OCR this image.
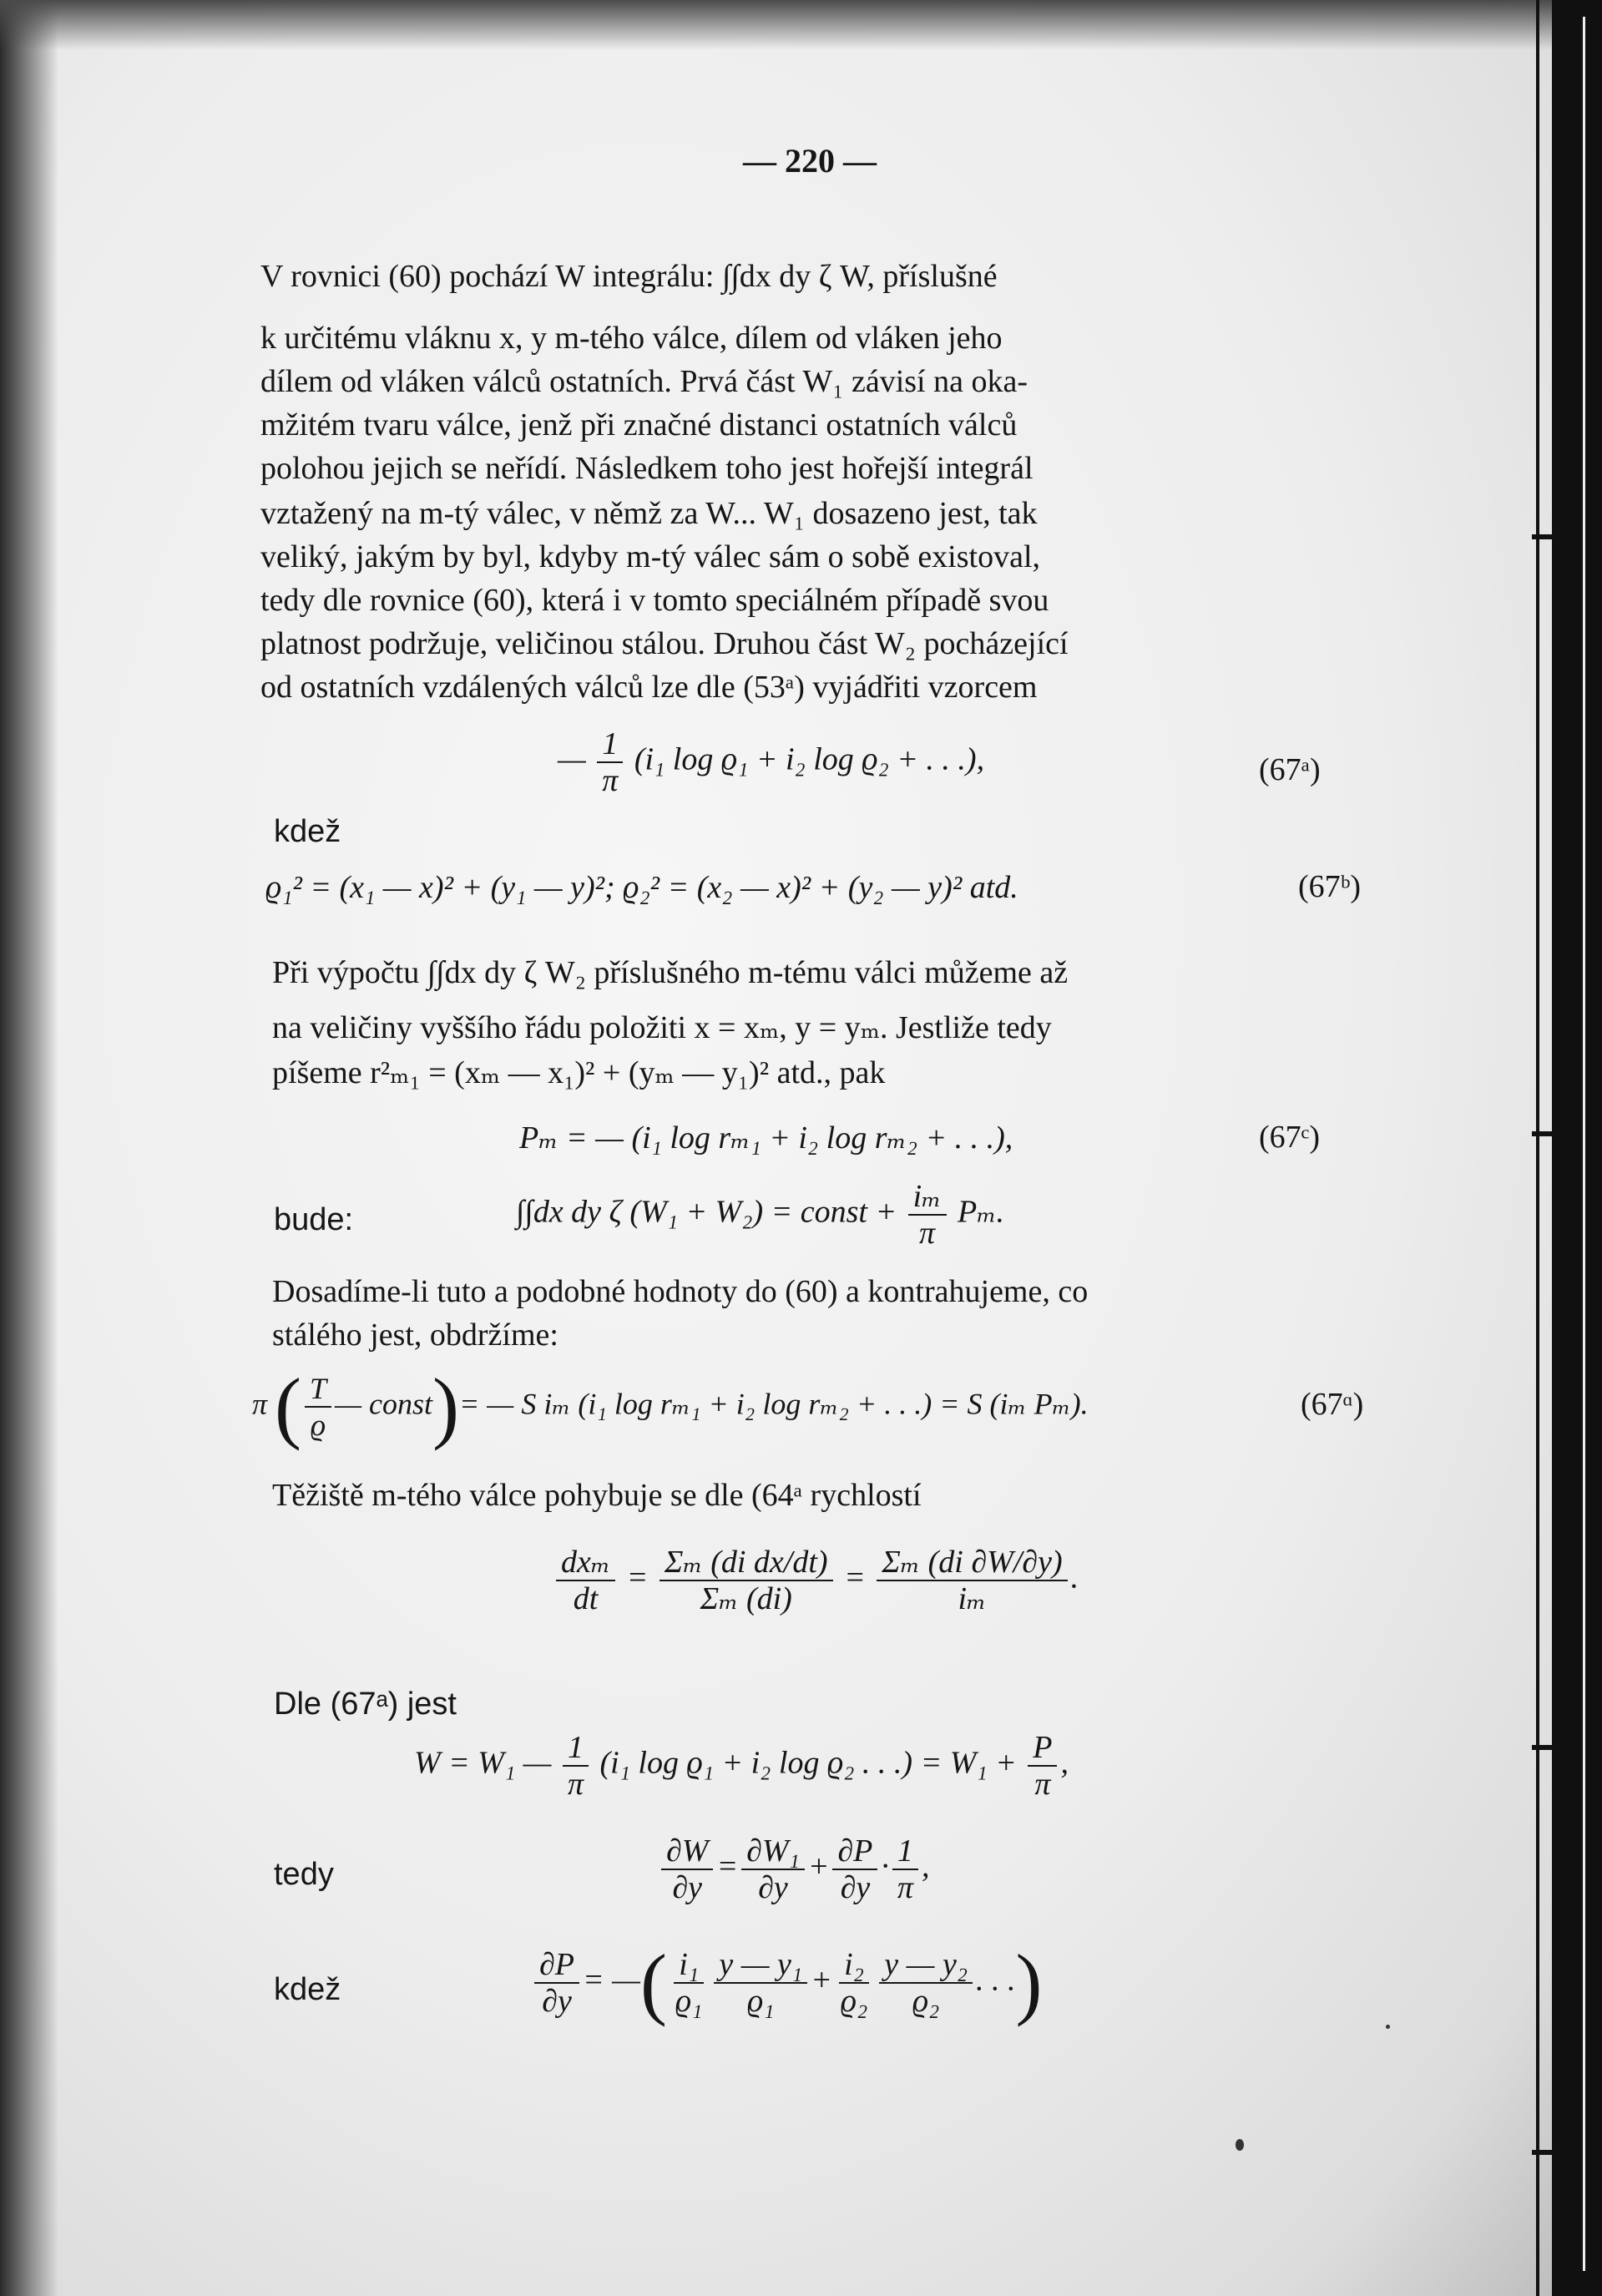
— 220 —
V rovnici (60) pochází W integrálu: ∫∫dx dy ζ W, příslušné
k určitému vláknu x, y m-tého válce, dílem od vláken jeho
dílem od vláken válců ostatních. Prvá část W₁ závisí na oka-
mžitém tvaru válce, jenž při značné distanci ostatních válců
polohou jejich se neřídí. Následkem toho jest hořejší integrál
vztažený na m-tý válec, v němž za W... W₁ dosazeno jest, tak
veliký, jakým by byl, kdyby m-tý válec sám o sobě existoval,
tedy dle rovnice (60), která i v tomto speciálném případě svou
platnost podržuje, veličinou stálou. Druhou část W₂ pocházející
od ostatních vzdálených válců lze dle (53ᵃ) vyjádřiti vzorcem
— $\frac{1}{\pi} (i_1$ log ϱ₁ + i₂ log ϱ₂ + . . .),	(67ᵃ)
kdež
ϱ₁² = (x₁ — x)² + (y₁ — y)²; ϱ₂² = (x₂ — x)² + (y₂ — y)² atd.	(67ᵇ)
Při výpočtu ∫∫dx dy ζ W₂ příslušného m-tému válci můžeme až
na veličiny vyššího řádu položiti x = xₘ, y = yₘ. Jestliže tedy
píšeme r²ₘ₁ = (xₘ — x₁)² + (yₘ — y₁)² atd., pak
Pₘ = — (i₁ log rₘ₁ + i₂ log rₘ₂ + . . .),	(67ᶜ)
bude:	∫∫dx dy ζ (W₁ + W₂) = const + $\frac{\text{iₘ}}{\pi} P_m$.
Dosadíme-li tuto a podobné hodnoty do (60) a kontrahujeme, co
stálého jest, obdržíme:
π ( $\frac{T}{ϱ}$ — const)= — S iₘ (i₁ log rₘ₁ + i₂ log rₘ₂ + . . .) = S (iₘ Pₘ).	(67ᵅ)
Těžiště m-tého válce pohybuje se dle (64ᵃ rychlostí
$\frac{\text{dxₘ}}{dt} = \frac{\text{Σₘ (di dx/dt)}}{\text{Σₘ (di)}} = \frac{\text{Σₘ (di ∂W/∂y)}}{\text{iₘ}}$ .
Dle (67ᵃ) jest
W = W₁ — $\frac{1}{\pi} (i_1$ log ϱ₁ + i₂ log ϱ₂ . . .) = $W_1 + \frac{P}{\pi}$ ,
tedy	$\frac{\partial W}{\partial y} = \frac{\text{∂W₁}}{\partial y} + \frac{\partial P}{\partial y} \cdot \frac{1}{\pi}$ ,
kdež	$\frac{\partial P}{\partial y}$ = —( $\frac{\text{i₁}}{\text{ϱ₁}} \frac{\text{y — y₁}}{\text{ϱ₁}} + \frac{\text{i₂}}{\text{ϱ₂}} \frac{\text{y — y₂}}{\text{ϱ₂}}$ . . .)
